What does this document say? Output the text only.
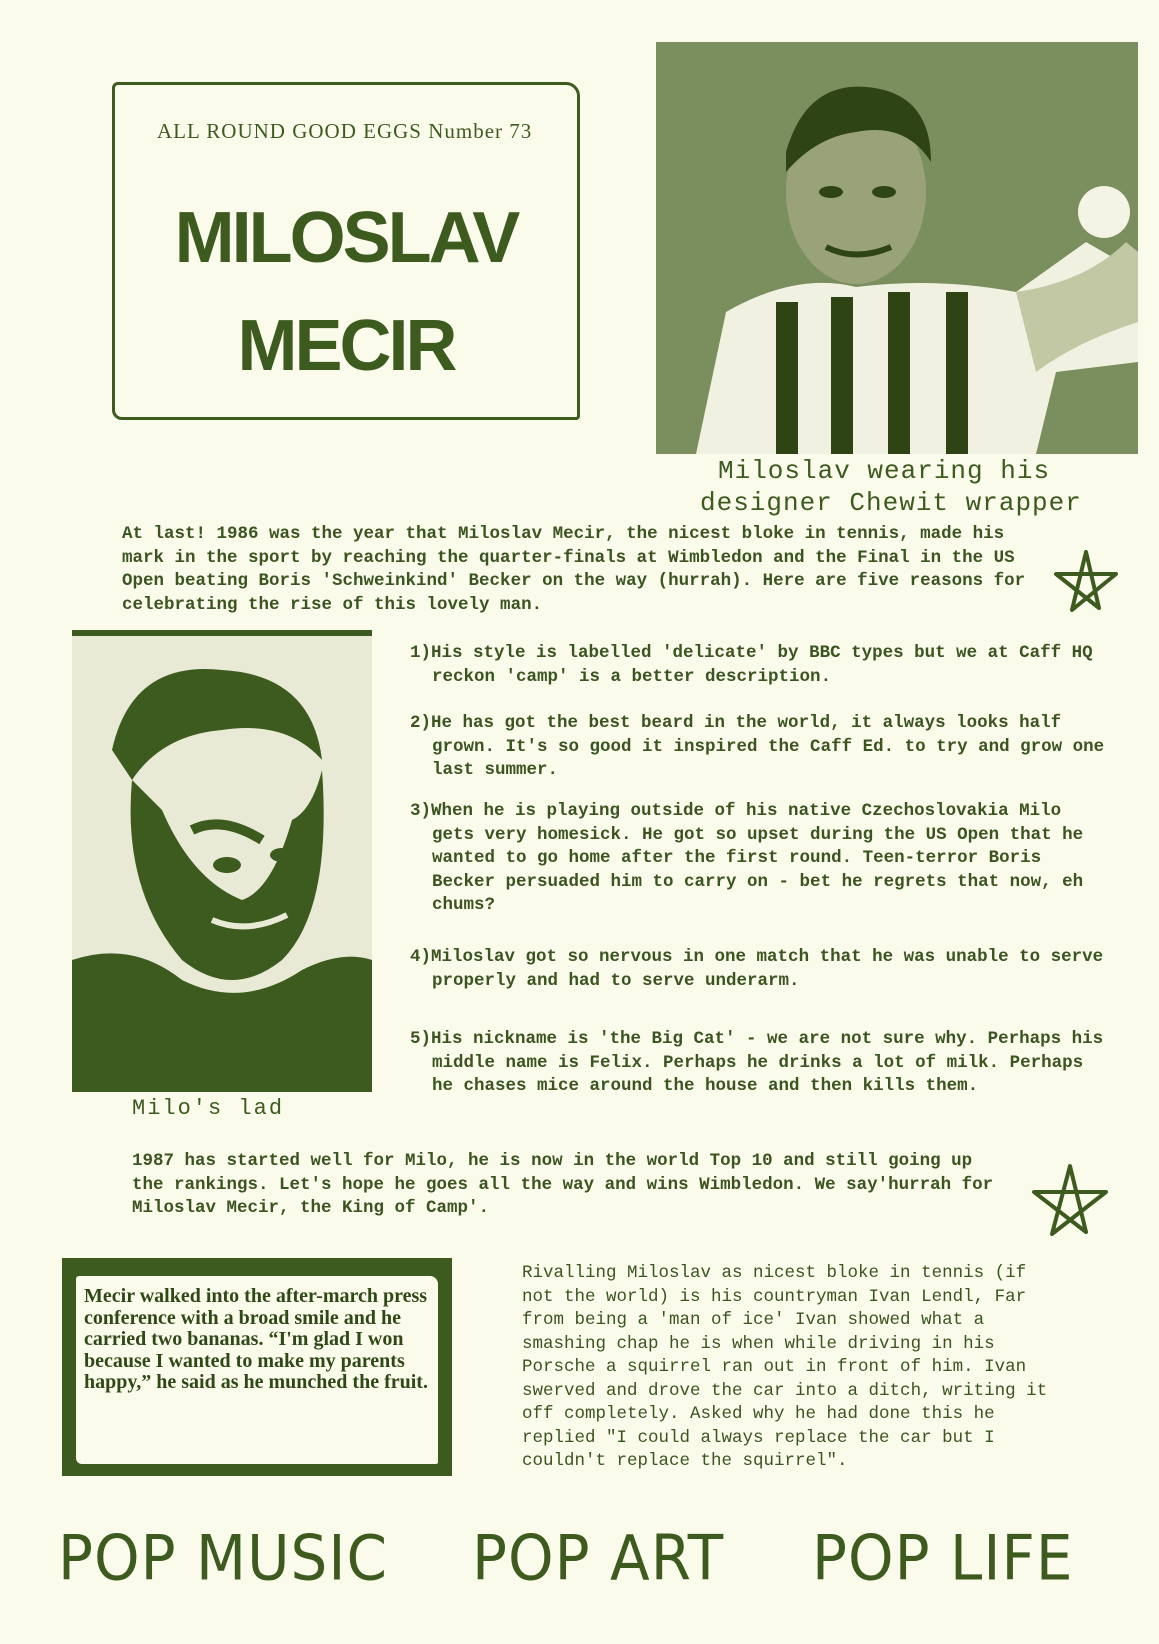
ALL ROUND GOOD EGGS Number 73
MILOSLAV
MECIR
Miloslav wearing his
designer Chewit wrapper

At last! 1986 was the year that Miloslav Mecir, the nicest bloke in tennis, made his mark in the sport by reaching the quarter-finals at Wimbledon and the Final in the US Open beating Boris 'Schweinkind' Becker on the way (hurrah). Here are five reasons for celebrating the rise of this lovely man.

Milo's lad
1)His style is labelled 'delicate' by BBC types but we at Caff HQ reckon 'camp' is a better description.
2)He has got the best beard in the world, it always looks half grown. It's so good it inspired the Caff Ed. to try and grow one last summer.
3)When he is playing outside of his native Czechoslovakia Milo gets very homesick. He got so upset during the US Open that he wanted to go home after the first round. Teen-terror Boris Becker persuaded him to carry on - bet he regrets that now, eh chums?
4)Miloslav got so nervous in one match that he was unable to serve properly and had to serve underarm.
5)His nickname is 'the Big Cat' - we are not sure why. Perhaps his middle name is Felix. Perhaps he drinks a lot of milk. Perhaps he chases mice around the house and then kills them.

1987 has started well for Milo, he is now in the world Top 10 and still going up the rankings. Let's hope he goes all the way and wins Wimbledon. We say'hurrah for Miloslav Mecir, the King of Camp'.

Mecir walked into the after-march press conference with a broad smile and he carried two bananas. “I'm glad I won because I wanted to make my parents happy,” he said as he munched the fruit.

Rivalling Miloslav as nicest bloke in tennis (if not the world) is his countryman Ivan Lendl, Far from being a 'man of ice' Ivan showed what a smashing chap he is when while driving in his Porsche a squirrel ran out in front of him. Ivan swerved and drove the car into a ditch, writing it off completely. Asked why he had done this he replied "I could always replace the car but I couldn't replace the squirrel".

POP MUSIC POP ART POP LIFE
